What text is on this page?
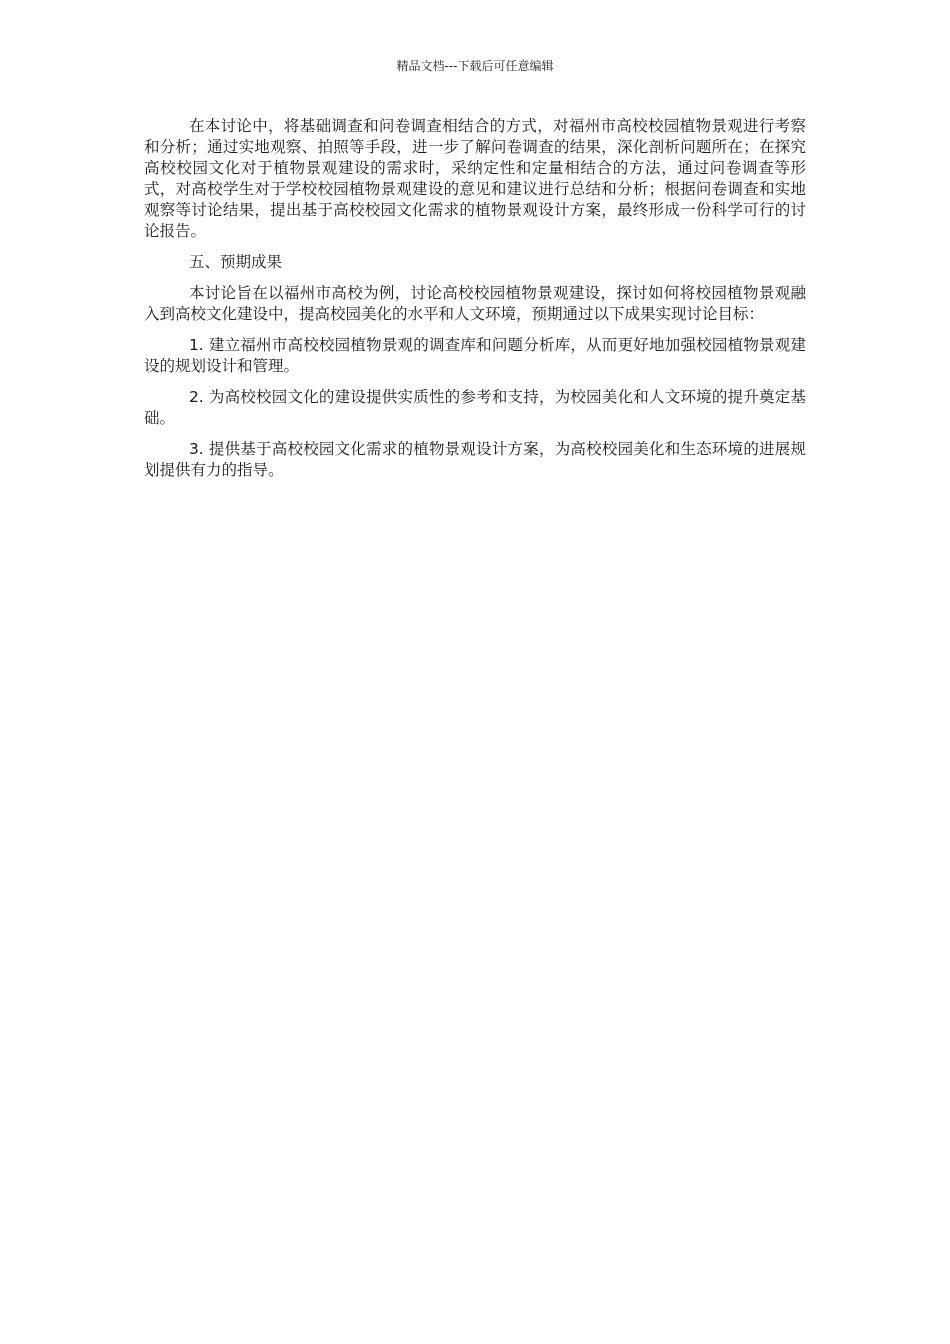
精品文档---下载后可任意编辑

在本讨论中，将基础调查和问卷调查相结合的方式，对福州市高校校园植物景观进行考察和分析；通过实地观察、拍照等手段，进一步了解问卷调查的结果，深化剖析问题所在；在探究高校校园文化对于植物景观建设的需求时，采纳定性和定量相结合的方法，通过问卷调查等形式，对高校学生对于学校校园植物景观建设的意见和建议进行总结和分析；根据问卷调查和实地观察等讨论结果，提出基于高校校园文化需求的植物景观设计方案，最终形成一份科学可行的讨论报告。

五、预期成果

本讨论旨在以福州市高校为例，讨论高校校园植物景观建设，探讨如何将校园植物景观融入到高校文化建设中，提高校园美化的水平和人文环境，预期通过以下成果实现讨论目标：

1. 建立福州市高校校园植物景观的调查库和问题分析库，从而更好地加强校园植物景观建设的规划设计和管理。

2. 为高校校园文化的建设提供实质性的参考和支持，为校园美化和人文环境的提升奠定基础。

3. 提供基于高校校园文化需求的植物景观设计方案，为高校校园美化和生态环境的进展规划提供有力的指导。
